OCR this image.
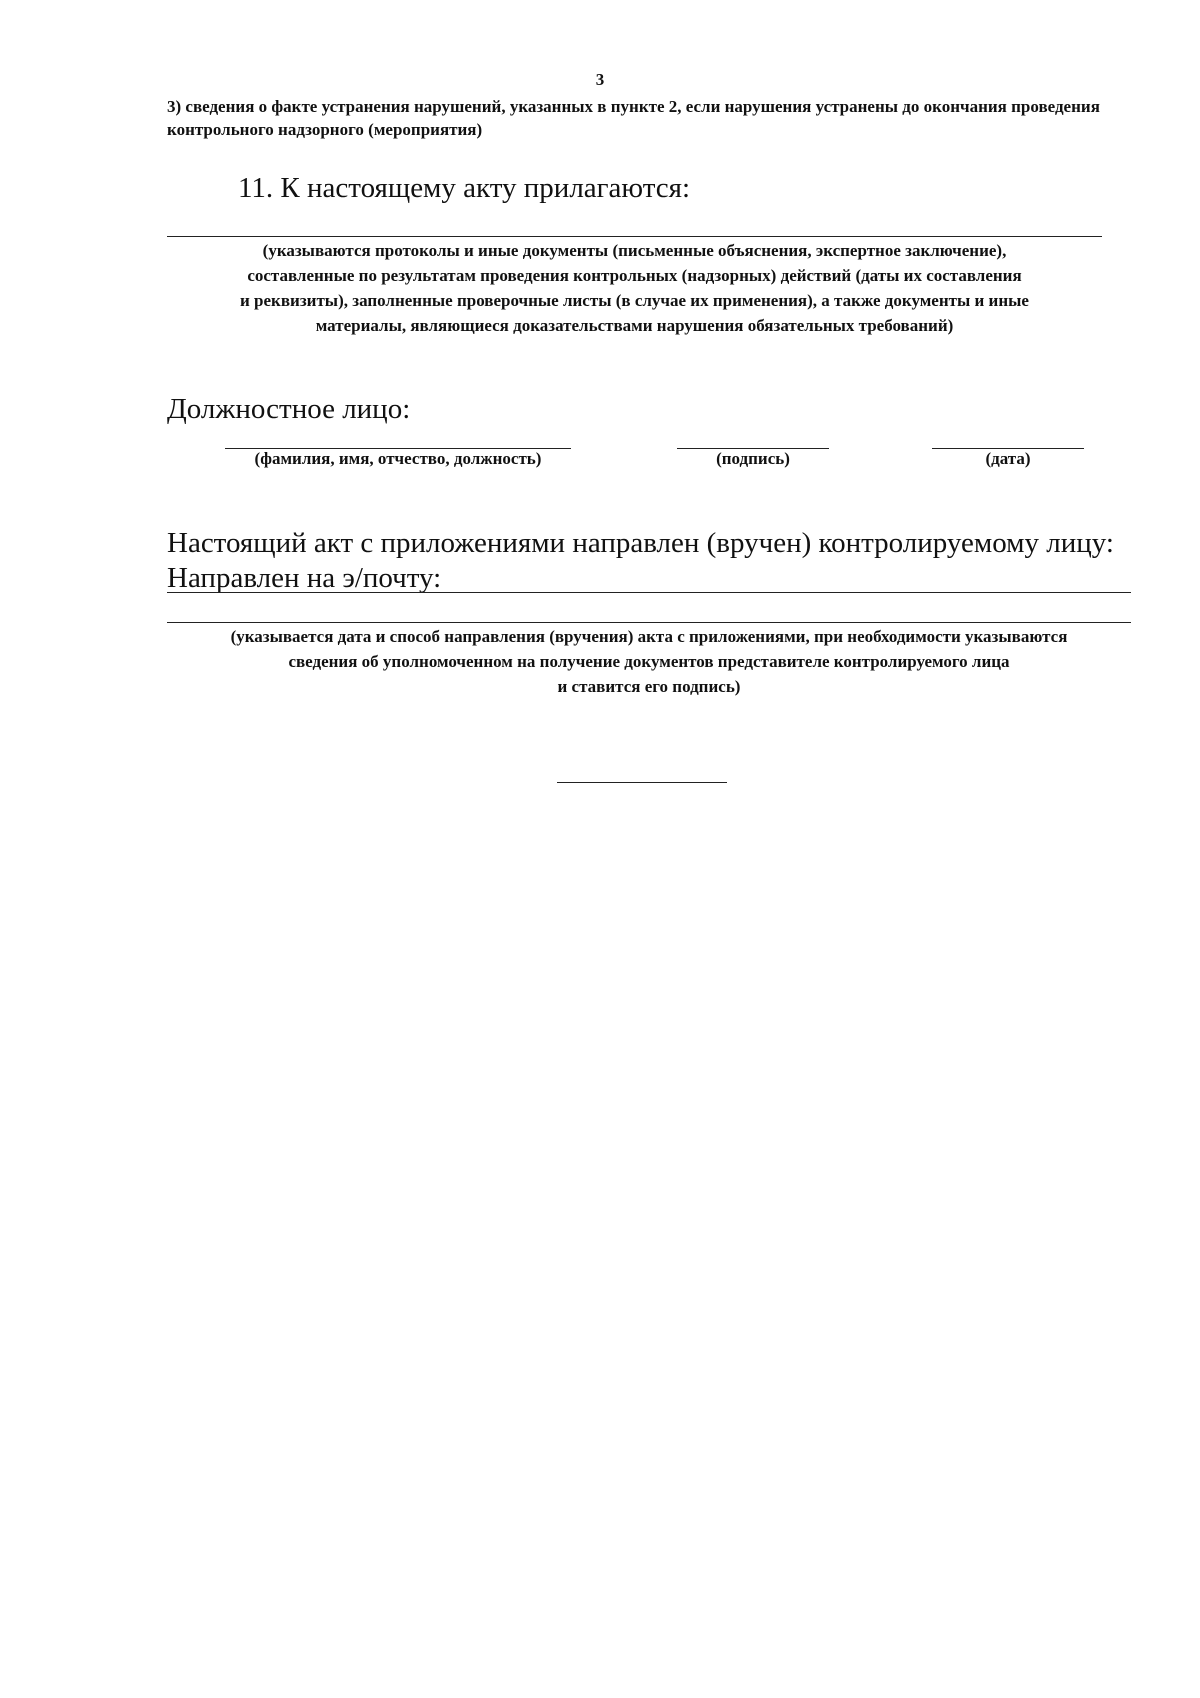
3
3) сведения о факте устранения нарушений, указанных в пункте 2, если нарушения устранены до окончания проведения контрольного надзорного (мероприятия)
11. К настоящему акту прилагаются:
(указываются протоколы и иные документы (письменные объяснения, экспертное заключение),
составленные по результатам проведения контрольных (надзорных) действий (даты их составления
и реквизиты), заполненные проверочные листы (в случае их применения), а также документы и иные
материалы, являющиеся доказательствами нарушения обязательных требований)
Должностное лицо:
(фамилия, имя, отчество, должность)	(подпись)	(дата)
Настоящий акт с приложениями направлен (вручен) контролируемому лицу:
Направлен на э/почту:
(указывается дата и способ направления (вручения) акта с приложениями, при необходимости указываются
сведения об уполномоченном на получение документов представителе контролируемого лица
и ставится его подпись)
